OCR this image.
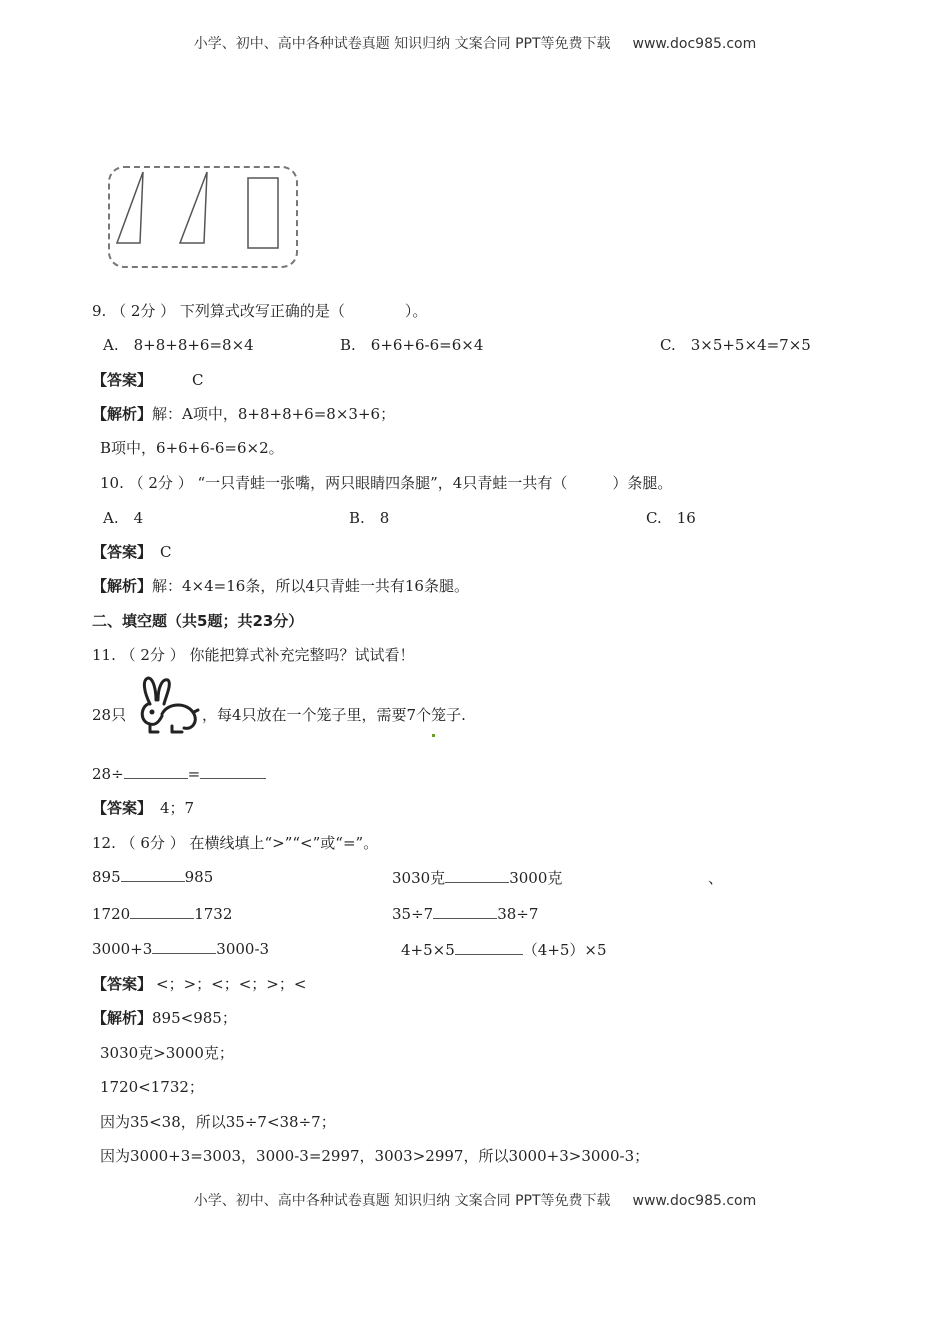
小学、初中、高中各种试卷真题 知识归纳 文案合同 PPT等免费下载 www.doc985.com
9. （ 2分 ） 下列算式改写正确的是（　　　　）。
A.　8+8+8+6=8×4	B.　6+6+6-6=6×4	C.　3×5+5×4=7×5
【答案】	C
【解析】解：A项中，8+8+8+6=8×3+6；
B项中，6+6+6-6=6×2。
10. （ 2分 ） “一只青蛙一张嘴，两只眼睛四条腿”，4只青蛙一共有（　　　）条腿。
A.　4	B.　8	C.　16
【答案】 C
【解析】解：4×4=16条，所以4只青蛙一共有16条腿。
二、填空题（共5题；共23分）
11. （ 2分 ） 你能把算式补充完整吗？试试看！
28只	，每4只放在一个笼子里，需要7个笼子.
28÷	=
【答案】 4；7
12. （ 6分 ） 在横线填上“>”“<”或“=”。
895	985	3030克	3000克	、
1720	1732	35÷7	38÷7
3000+3	3000-3	4+5×5	（4+5）×5
【答案】 <；>；<；<；>；<
【解析】895<985；
3030克>3000克；
1720<1732；
因为35<38，所以35÷7<38÷7；
因为3000+3=3003，3000-3=2997，3003>2997，所以3000+3>3000-3；
小学、初中、高中各种试卷真题 知识归纳 文案合同 PPT等免费下载 www.doc985.com
